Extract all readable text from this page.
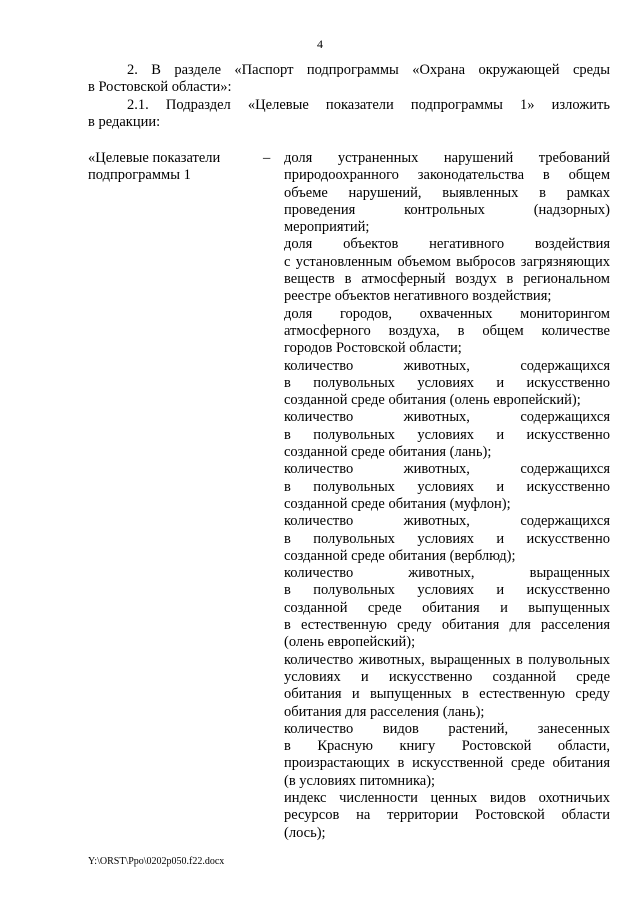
4

2. В разделе «Паспорт подпрограммы «Охрана окружающей среды
в Ростовской области»:

2.1. Подраздел «Целевые показатели подпрограммы 1» изложить
в редакции:

«Целевые показатели
подпрограммы 1
– доля устраненных нарушений требований
природоохранного законодательства в общем
объеме нарушений, выявленных в рамках
проведения контрольных (надзорных)
мероприятий;
доля объектов негативного воздействия
с установленным объемом выбросов загрязняющих
веществ в атмосферный воздух в региональном
реестре объектов негативного воздействия;
доля городов, охваченных мониторингом
атмосферного воздуха, в общем количестве
городов Ростовской области;
количество животных, содержащихся
в полувольных условиях и искусственно
созданной среде обитания (олень европейский);
количество животных, содержащихся
в полувольных условиях и искусственно
созданной среде обитания (лань);
количество животных, содержащихся
в полувольных условиях и искусственно
созданной среде обитания (муфлон);
количество животных, содержащихся
в полувольных условиях и искусственно
созданной среде обитания (верблюд);
количество животных, выращенных
в полувольных условиях и искусственно
созданной среде обитания и выпущенных
в естественную среду обитания для расселения
(олень европейский);
количество животных, выращенных в полувольных
условиях и искусственно созданной среде
обитания и выпущенных в естественную среду
обитания для расселения (лань);
количество видов растений, занесенных
в Красную книгу Ростовской области,
произрастающих в искусственной среде обитания
(в условиях питомника);
индекс численности ценных видов охотничьих
ресурсов на территории Ростовской области
(лось);
Y:\ORST\Ppo\0202p050.f22.docx
